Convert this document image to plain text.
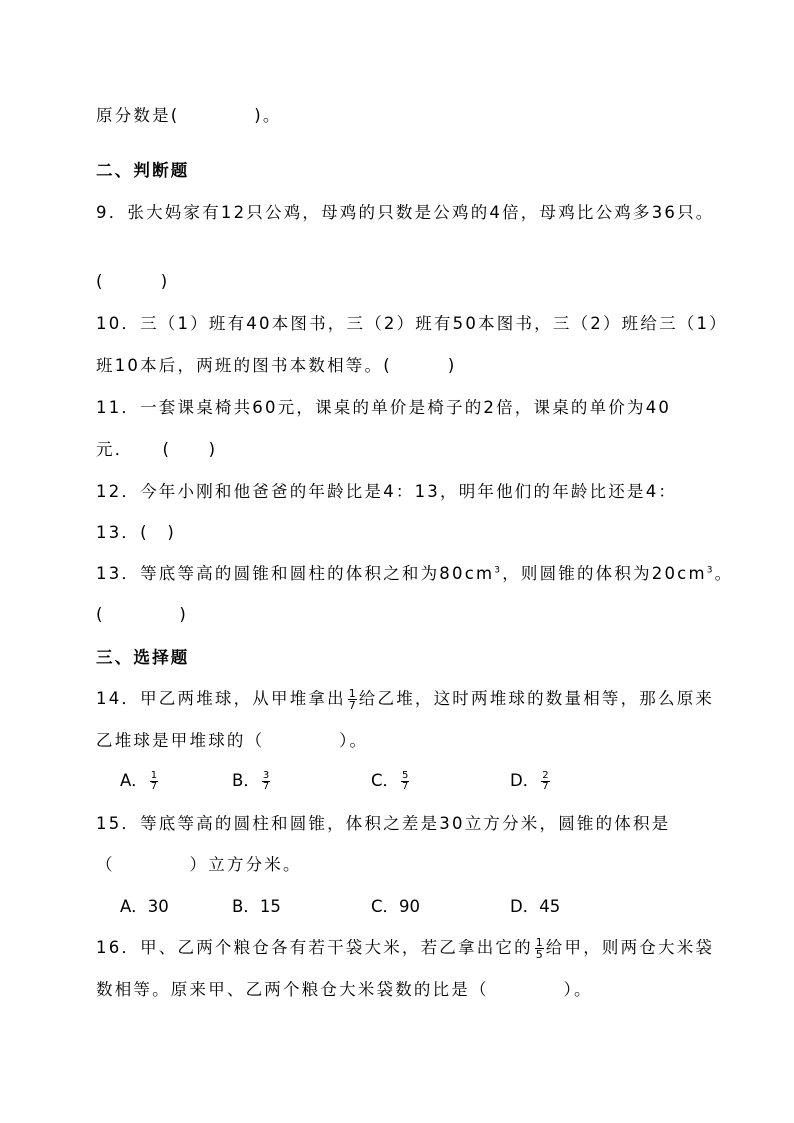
原分数是(　　　　)。
二、判断题
9．张大妈家有12只公鸡，母鸡的只数是公鸡的4倍，母鸡比公鸡多36只。
(　　　)
10．三（1）班有40本图书，三（2）班有50本图书，三（2）班给三（1）
班10本后，两班的图书本数相等。(　　　)
11．一套课桌椅共60元，课桌的单价是椅子的2倍，课桌的单价为40
元．　　(　　)
12．今年小刚和他爸爸的年龄比是4：13，明年他们的年龄比还是4：
13．(　)
13．等底等高的圆锥和圆柱的体积之和为$80cm^3$，则圆锥的体积为$20cm^3$。
(　　　　)
三、选择题
14．甲乙两堆球，从甲堆拿出 $\frac{1}{7}$ 给乙堆，这时两堆球的数量相等，那么原来
乙堆球是甲堆球的（　　　　）。
A． $\frac{1}{7}$	B． $\frac{3}{7}$	C． $\frac{5}{7}$	D． $\frac{2}{7}$
15．等底等高的圆柱和圆锥，体积之差是30立方分米，圆锥的体积是
（　　　　）立方分米。
A．30	B．15	C．90	D．45
16．甲、乙两个粮仓各有若干袋大米，若乙拿出它的 $\frac{1}{5}$ 给甲，则两仓大米袋
数相等。原来甲、乙两个粮仓大米袋数的比是（　　　　）。
